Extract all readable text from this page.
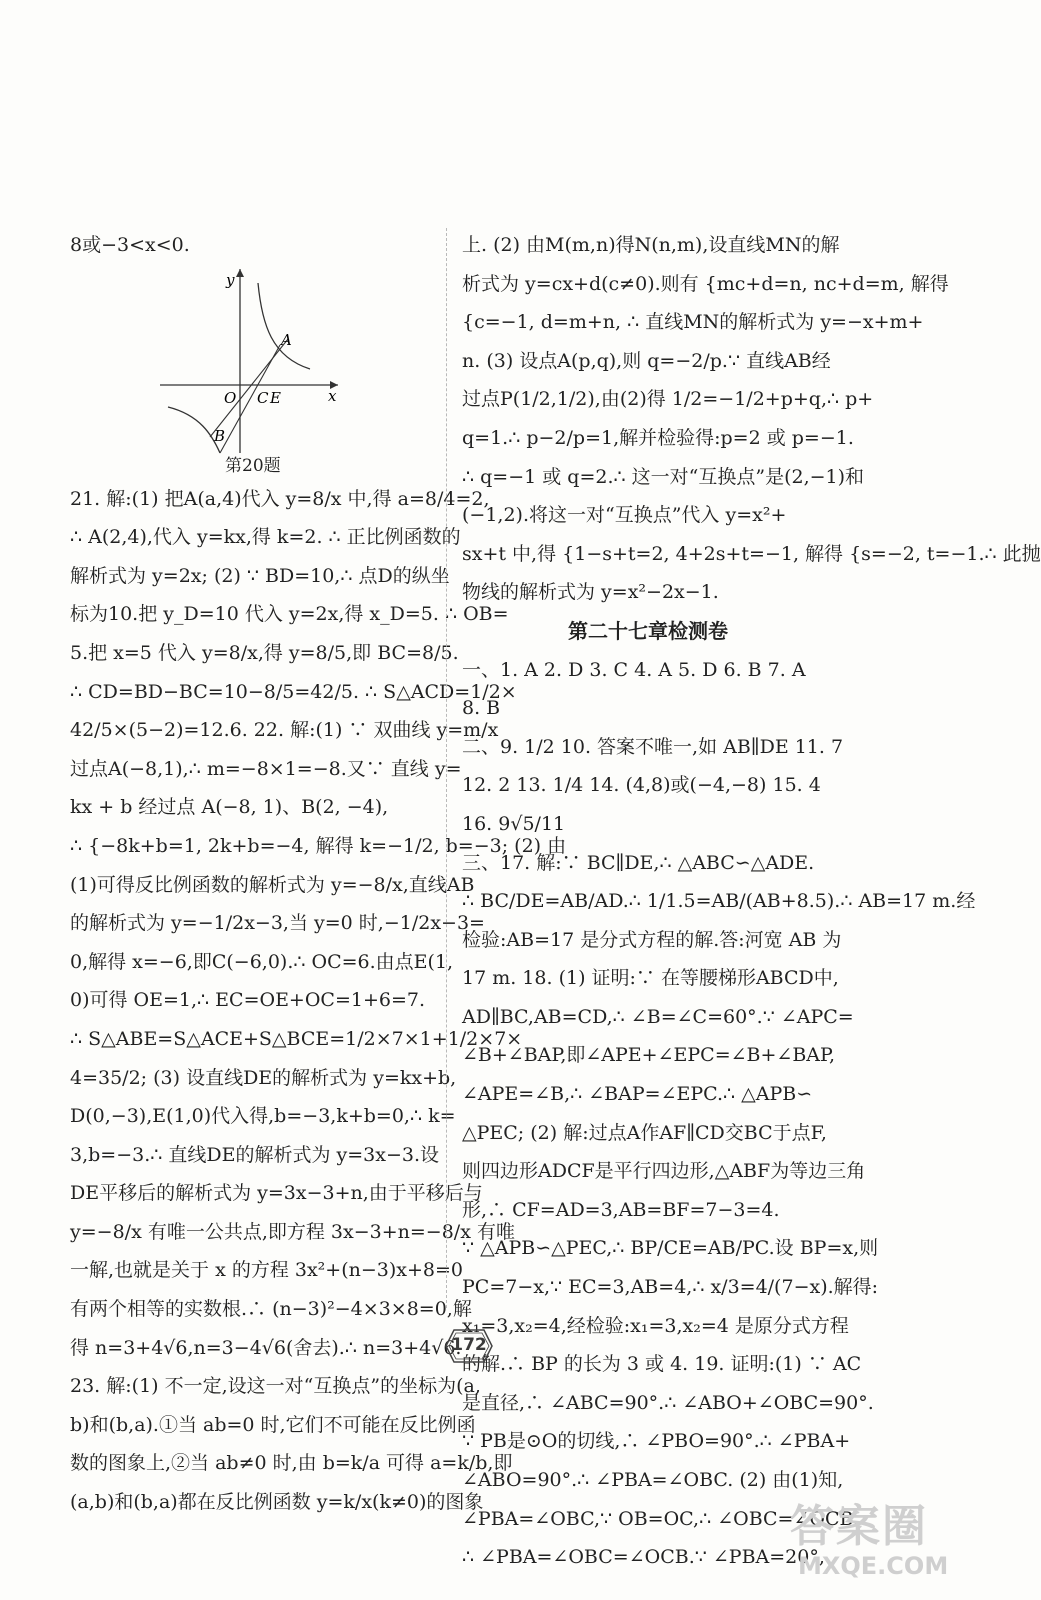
8或−3<x<0.

y
x
O C E
A
B
第20题

21. 解:(1) 把A(a,4)代入 y=8/x 中,得 a=8/4=2,

∴ A(2,4),代入 y=kx,得 k=2. ∴ 正比例函数的

解析式为 y=2x; (2) ∵ BD=10,∴ 点D的纵坐

标为10.把 y_D=10 代入 y=2x,得 x_D=5. ∴ OB=

5.把 x=5 代入 y=8/x,得 y=8/5,即 BC=8/5.

∴ CD=BD−BC=10−8/5=42/5. ∴ S△ACD=1/2×

42/5×(5−2)=12.6. 22. 解:(1) ∵ 双曲线 y=m/x

过点A(−8,1),∴ m=−8×1=−8.又∵ 直线 y=

kx + b 经过点 A(−8, 1)、B(2, −4),

∴ {−8k+b=1, 2k+b=−4, 解得 k=−1/2, b=−3; (2) 由

(1)可得反比例函数的解析式为 y=−8/x,直线AB

的解析式为 y=−1/2x−3,当 y=0 时,−1/2x−3=

0,解得 x=−6,即C(−6,0).∴ OC=6.由点E(1,

0)可得 OE=1,∴ EC=OE+OC=1+6=7.

∴ S△ABE=S△ACE+S△BCE=1/2×7×1+1/2×7×

4=35/2; (3) 设直线DE的解析式为 y=kx+b,

D(0,−3),E(1,0)代入得,b=−3,k+b=0,∴ k=

3,b=−3.∴ 直线DE的解析式为 y=3x−3.设

DE平移后的解析式为 y=3x−3+n,由于平移后与

y=−8/x 有唯一公共点,即方程 3x−3+n=−8/x 有唯

一解,也就是关于 x 的方程 3x²+(n−3)x+8=0

有两个相等的实数根.∴ (n−3)²−4×3×8=0,解

得 n=3+4√6,n=3−4√6(舍去).∴ n=3+4√6.

23. 解:(1) 不一定,设这一对“互换点”的坐标为(a,

b)和(b,a).①当 ab=0 时,它们不可能在反比例函

数的图象上,②当 ab≠0 时,由 b=k/a 可得 a=k/b,即

(a,b)和(b,a)都在反比例函数 y=k/x(k≠0)的图象

上. (2) 由M(m,n)得N(n,m),设直线MN的解

析式为 y=cx+d(c≠0).则有 {mc+d=n, nc+d=m, 解得

{c=−1, d=m+n, ∴ 直线MN的解析式为 y=−x+m+

n. (3) 设点A(p,q),则 q=−2/p.∵ 直线AB经

过点P(1/2,1/2),由(2)得 1/2=−1/2+p+q,∴ p+

q=1.∴ p−2/p=1,解并检验得:p=2 或 p=−1.

∴ q=−1 或 q=2.∴ 这一对“互换点”是(2,−1)和

(−1,2).将这一对“互换点”代入 y=x²+

sx+t 中,得 {1−s+t=2, 4+2s+t=−1, 解得 {s=−2, t=−1.∴ 此抛

物线的解析式为 y=x²−2x−1.

第二十七章检测卷

一、1. A 2. D 3. C 4. A 5. D 6. B 7. A

8. B

二、9. 1/2 10. 答案不唯一,如 AB∥DE 11. 7

12. 2 13. 1/4 14. (4,8)或(−4,−8) 15. 4

16. 9√5/11

三、17. 解:∵ BC∥DE,∴ △ABC∽△ADE.

∴ BC/DE=AB/AD.∴ 1/1.5=AB/(AB+8.5).∴ AB=17 m.经

检验:AB=17 是分式方程的解.答:河宽 AB 为

17 m. 18. (1) 证明:∵ 在等腰梯形ABCD中,

AD∥BC,AB=CD,∴ ∠B=∠C=60°.∵ ∠APC=

∠B+∠BAP,即∠APE+∠EPC=∠B+∠BAP,

∠APE=∠B,∴ ∠BAP=∠EPC.∴ △APB∽

△PEC; (2) 解:过点A作AF∥CD交BC于点F,

则四边形ADCF是平行四边形,△ABF为等边三角

形,∴ CF=AD=3,AB=BF=7−3=4.

∵ △APB∽△PEC,∴ BP/CE=AB/PC.设 BP=x,则

PC=7−x,∵ EC=3,AB=4,∴ x/3=4/(7−x).解得:

x₁=3,x₂=4,经检验:x₁=3,x₂=4 是原分式方程

的解.∴ BP 的长为 3 或 4. 19. 证明:(1) ∵ AC

是直径,∴ ∠ABC=90°.∴ ∠ABO+∠OBC=90°.

∵ PB是⊙O的切线,∴ ∠PBO=90°.∴ ∠PBA+

∠ABO=90°.∴ ∠PBA=∠OBC. (2) 由(1)知,

∠PBA=∠OBC,∵ OB=OC,∴ ∠OBC=∠OCB.

∴ ∠PBA=∠OBC=∠OCB.∵ ∠PBA=20°,

172
答案圈
MXQE.COM
